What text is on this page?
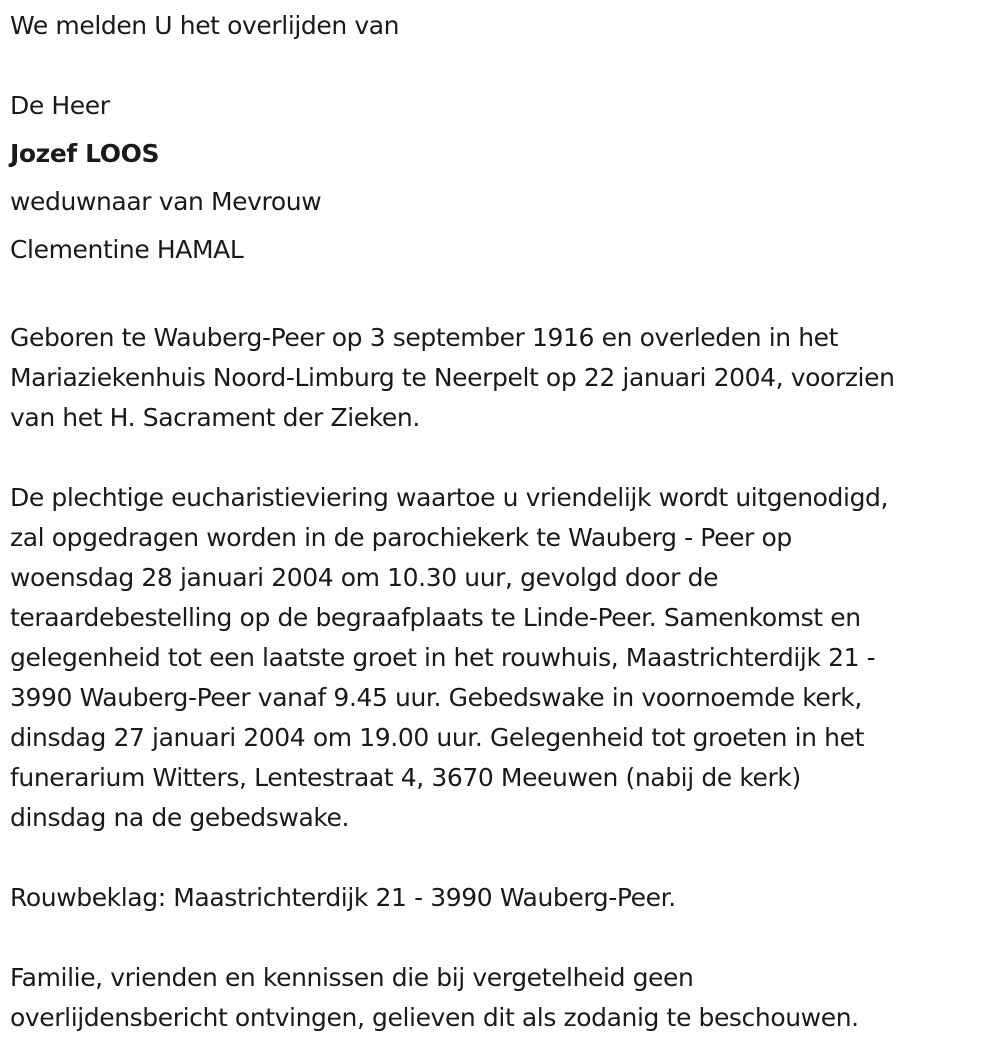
We melden U het overlijden van
De Heer
Jozef LOOS
weduwnaar van Mevrouw
Clementine HAMAL
Geboren te Wauberg-Peer op 3 september 1916 en overleden in het
Mariaziekenhuis Noord-Limburg te Neerpelt op 22 januari 2004, voorzien
van het H. Sacrament der Zieken.
De plechtige eucharistieviering waartoe u vriendelijk wordt uitgenodigd,
zal opgedragen worden in de parochiekerk te Wauberg - Peer op
woensdag 28 januari 2004 om 10.30 uur, gevolgd door de
teraardebestelling op de begraafplaats te Linde-Peer. Samenkomst en
gelegenheid tot een laatste groet in het rouwhuis, Maastrichterdijk 21 -
3990 Wauberg-Peer vanaf 9.45 uur. Gebedswake in voornoemde kerk,
dinsdag 27 januari 2004 om 19.00 uur. Gelegenheid tot groeten in het
funerarium Witters, Lentestraat 4, 3670 Meeuwen (nabij de kerk)
dinsdag na de gebedswake.
Rouwbeklag: Maastrichterdijk 21 - 3990 Wauberg-Peer.
Familie, vrienden en kennissen die bij vergetelheid geen
overlijdensbericht ontvingen, gelieven dit als zodanig te beschouwen.
